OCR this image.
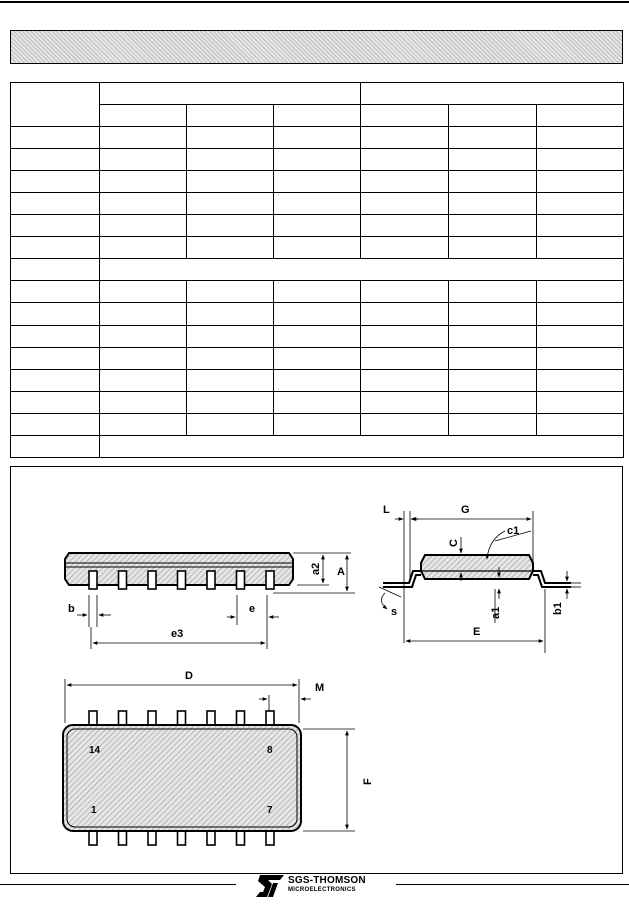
b	e
e3
a2 A
L	G
C
c1
s	a1	b1
E
14	8
1	7
D
M
F
SGS-THOMSON
MICROELECTRONICS
